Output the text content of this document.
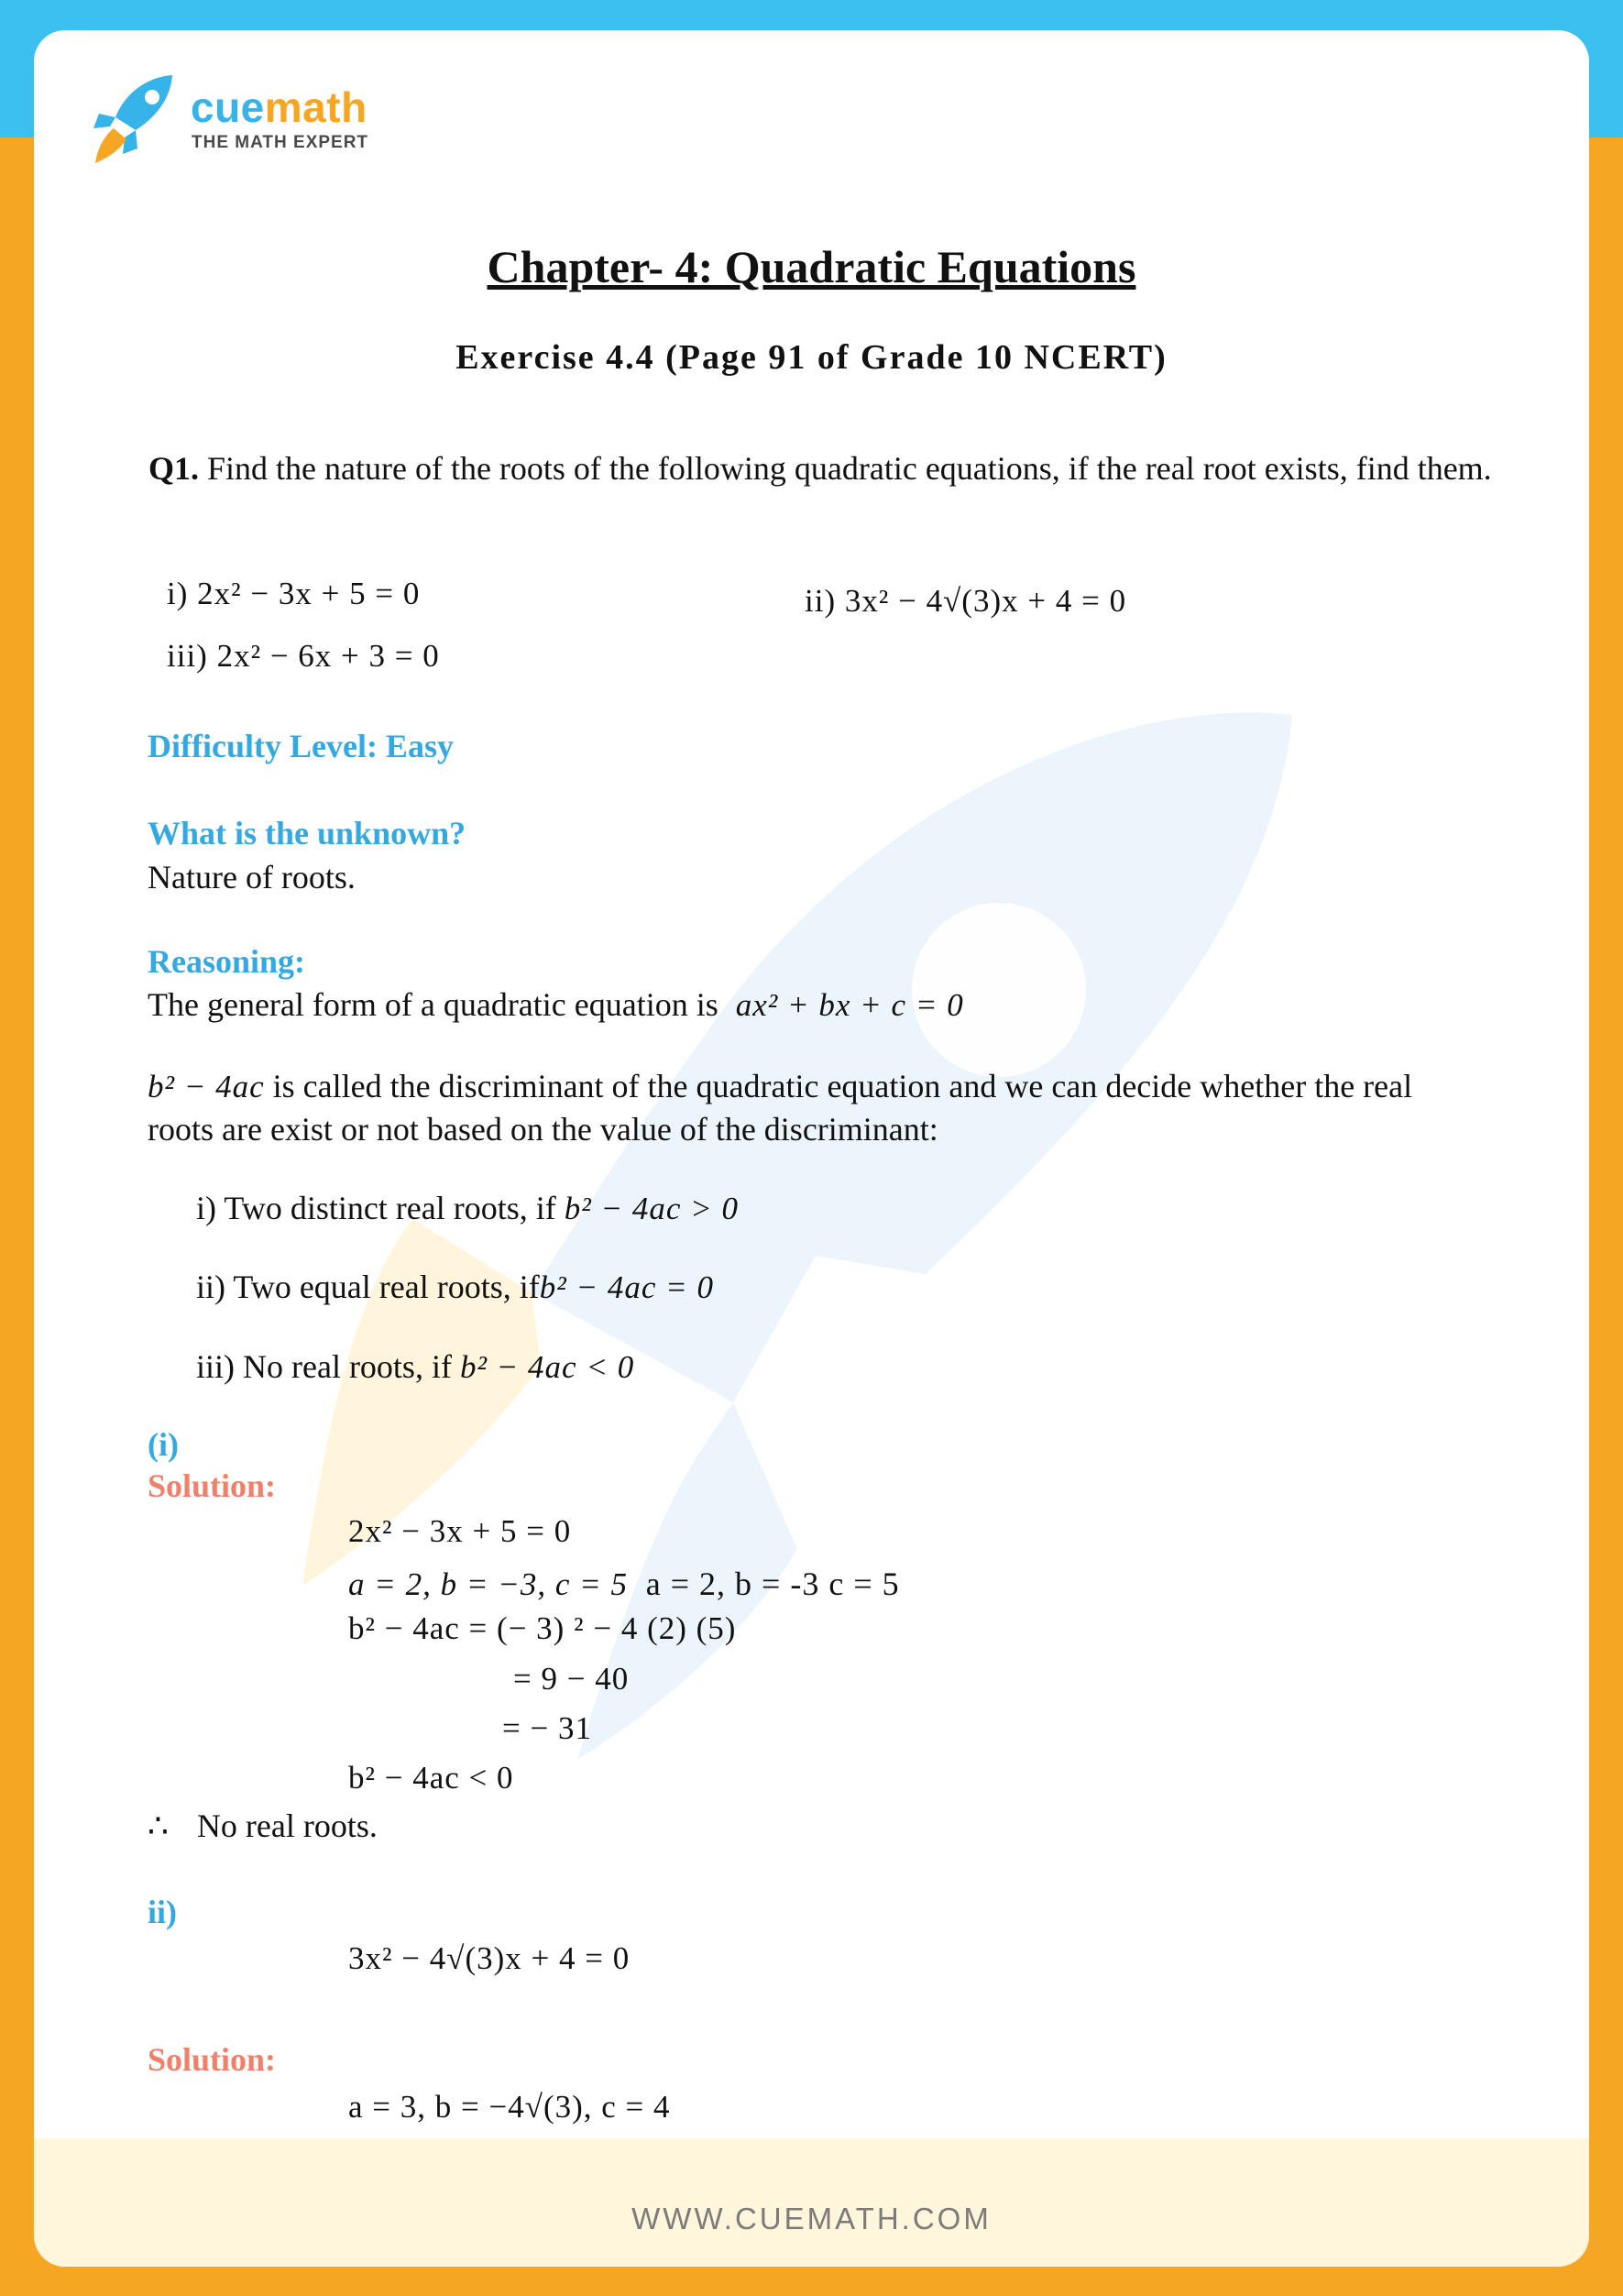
cuemath
THE MATH EXPERT
Chapter- 4: Quadratic Equations
Exercise 4.4 (Page 91 of Grade 10 NCERT)
Q1. Find the nature of the roots of the following quadratic equations, if the real root exists, find them.
i) 2x² − 3x + 5 = 0	ii) 3x² − 4√(3)x + 4 = 0
iii) 2x² − 6x + 3 = 0
Difficulty Level: Easy
What is the unknown?
Nature of roots.
Reasoning:
The general form of a quadratic equation is ax² + bx + c = 0
b² − 4ac is called the discriminant of the quadratic equation and we can decide whether the real roots are exist or not based on the value of the discriminant:
i) Two distinct real roots, if b² − 4ac > 0
ii) Two equal real roots, ifb² − 4ac = 0
iii) No real roots, if b² − 4ac < 0
(i)
Solution:
2x² − 3x + 5 = 0
a = 2, b = −3, c = 5 a = 2, b = -3 c = 5
b² − 4ac = (− 3) ² − 4 (2) (5)
= 9 − 40
= − 31
b² − 4ac < 0
∴ No real roots.
ii)
3x² − 4√(3)x + 4 = 0
Solution:
a = 3, b = −4√(3), c = 4
WWW.CUEMATH.COM
